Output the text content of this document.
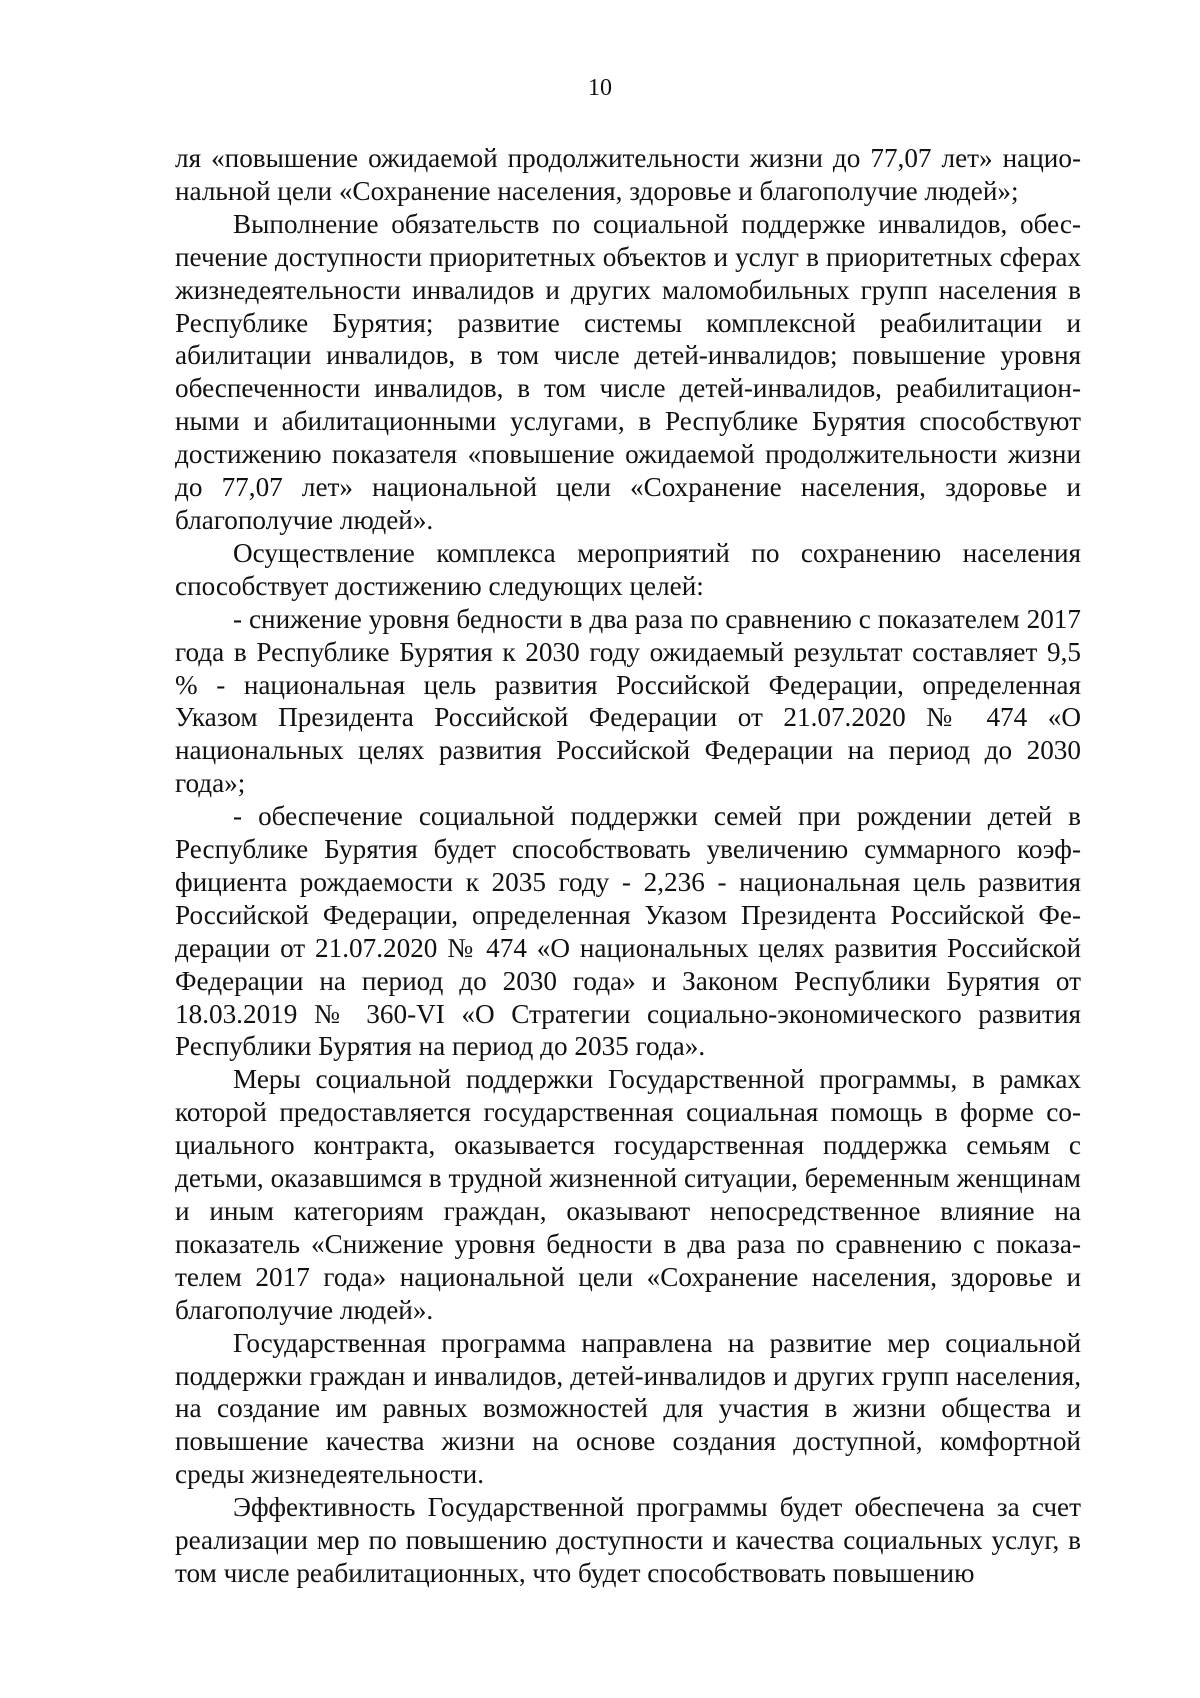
10

ля «повышение ожидаемой продолжительности жизни до 77,07 лет» национальной цели «Сохранение населения, здоровье и благополучие людей»;

Выполнение обязательств по социальной поддержке инвалидов, обеспечение доступности приоритетных объектов и услуг в приоритетных сферах жизнедеятельности инвалидов и других маломобильных групп населения в Республике Бурятия; развитие системы комплексной реабилитации и абилитации инвалидов, в том числе детей-инвалидов; повышение уровня обеспеченности инвалидов, в том числе детей-инвалидов, реабилитационными и абилитационными услугами, в Республике Бурятия способствуют достижению показателя «повышение ожидаемой продолжительности жизни до 77,07 лет» национальной цели «Сохранение населения, здоровье и благополучие людей».

Осуществление комплекса мероприятий по сохранению населения способствует достижению следующих целей:

- снижение уровня бедности в два раза по сравнению с показателем 2017 года в Республике Бурятия к 2030 году ожидаемый результат составляет 9,5 % - национальная цель развития Российской Федерации, определенная Указом Президента Российской Федерации от 21.07.2020 № 474 «О национальных целях развития Российской Федерации на период до 2030 года»;

- обеспечение социальной поддержки семей при рождении детей в Республике Бурятия будет способствовать увеличению суммарного коэффициента рождаемости к 2035 году - 2,236 - национальная цель развития Российской Федерации, определенная Указом Президента Российской Федерации от 21.07.2020 № 474 «О национальных целях развития Российской Федерации на период до 2030 года» и Законом Республики Бурятия от 18.03.2019 № 360-VI «О Стратегии социально-экономического развития Республики Бурятия на период до 2035 года».

Меры социальной поддержки Государственной программы, в рамках которой предоставляется государственная социальная помощь в форме социального контракта, оказывается государственная поддержка семьям с детьми, оказавшимся в трудной жизненной ситуации, беременным женщинам и иным категориям граждан, оказывают непосредственное влияние на показатель «Снижение уровня бедности в два раза по сравнению с показателем 2017 года» национальной цели «Сохранение населения, здоровье и благополучие людей».

Государственная программа направлена на развитие мер социальной поддержки граждан и инвалидов, детей-инвалидов и других групп населения, на создание им равных возможностей для участия в жизни общества и повышение качества жизни на основе создания доступной, комфортной среды жизнедеятельности.

Эффективность Государственной программы будет обеспечена за счет реализации мер по повышению доступности и качества социальных услуг, в том числе реабилитационных, что будет способствовать повышению
